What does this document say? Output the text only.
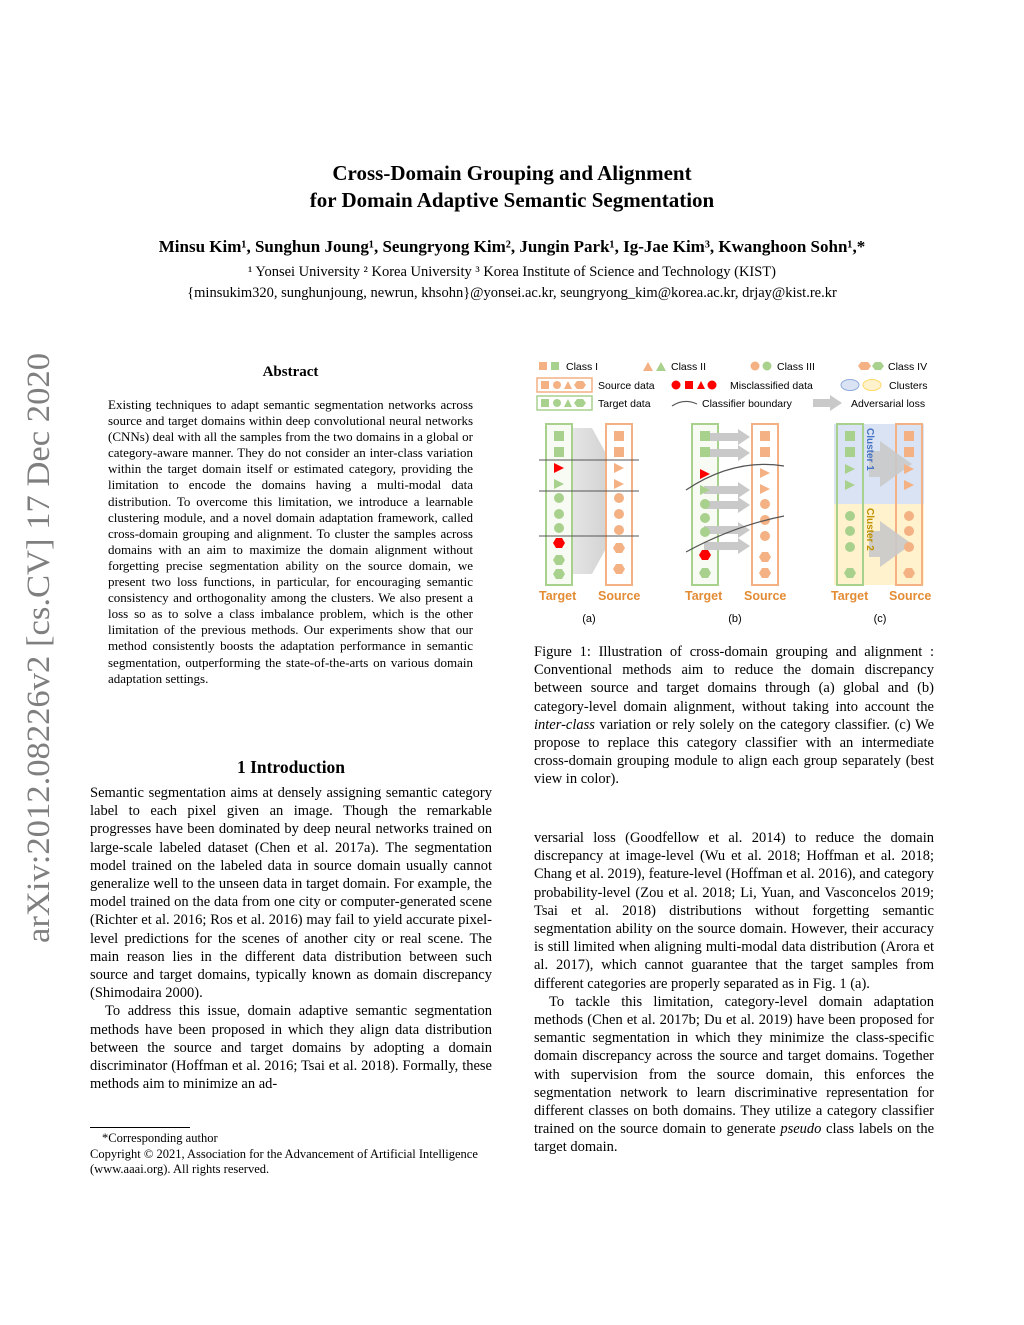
Cross-Domain Grouping and Alignment
for Domain Adaptive Semantic Segmentation
Minsu Kim¹, Sunghun Joung¹, Seungryong Kim², Jungin Park¹, Ig-Jae Kim³, Kwanghoon Sohn¹,*
¹ Yonsei University ² Korea University ³ Korea Institute of Science and Technology (KIST)
{minsukim320, sunghunjoung, newrun, khsohn}@yonsei.ac.kr, seungryong_kim@korea.ac.kr, drjay@kist.re.kr
arXiv:2012.08226v2 [cs.CV] 17 Dec 2020
Abstract
Existing techniques to adapt semantic segmentation networks across source and target domains within deep convolutional neural networks (CNNs) deal with all the samples from the two domains in a global or category-aware manner. They do not consider an inter-class variation within the target domain itself or estimated category, providing the limitation to encode the domains having a multi-modal data distribution. To overcome this limitation, we introduce a learnable clustering module, and a novel domain adaptation framework, called cross-domain grouping and alignment. To cluster the samples across domains with an aim to maximize the domain alignment without forgetting precise segmentation ability on the source domain, we present two loss functions, in particular, for encouraging semantic consistency and orthogonality among the clusters. We also present a loss so as to solve a class imbalance problem, which is the other limitation of the previous methods. Our experiments show that our method consistently boosts the adaptation performance in semantic segmentation, outperforming the state-of-the-arts on various domain adaptation settings.
1 Introduction

Semantic segmentation aims at densely assigning semantic category label to each pixel given an image. Though the remarkable progresses have been dominated by deep neural networks trained on large-scale labeled dataset (Chen et al. 2017a). The segmentation model trained on the labeled data in source domain usually cannot generalize well to the unseen data in target domain. For example, the model trained on the data from one city or computer-generated scene (Richter et al. 2016; Ros et al. 2016) may fail to yield accurate pixel-level predictions for the scenes of another city or real scene. The main reason lies in the different data distribution between such source and target domains, typically known as domain discrepancy (Shimodaira 2000).

To address this issue, domain adaptive semantic segmentation methods have been proposed in which they align data distribution between the source and target domains by adopting a domain discriminator (Hoffman et al. 2016; Tsai et al. 2018). Formally, these methods aim to minimize an ad-

*Corresponding author

Copyright © 2021, Association for the Advancement of Artificial Intelligence (www.aaai.org). All rights reserved.

Class I	Class II	Class III	Class IV
Source data	Misclassified data	Clusters
Target data	Classifier boundary	Adversarial loss
Target Source
(a)
Target Source
(b)
Cluster 1
Cluster 2
Target Source
(c)
Figure 1: Illustration of cross-domain grouping and alignment : Conventional methods aim to reduce the domain discrepancy between source and target domains through (a) global and (b) category-level domain alignment, without taking into account the inter-class variation or rely solely on the category classifier. (c) We propose to replace this category classifier with an intermediate cross-domain grouping module to align each group separately (best view in color).

versarial loss (Goodfellow et al. 2014) to reduce the domain discrepancy at image-level (Wu et al. 2018; Hoffman et al. 2018; Chang et al. 2019), feature-level (Hoffman et al. 2016), and category probability-level (Zou et al. 2018; Li, Yuan, and Vasconcelos 2019; Tsai et al. 2018) distributions without forgetting semantic segmentation ability on the source domain. However, their accuracy is still limited when aligning multi-modal data distribution (Arora et al. 2017), which cannot guarantee that the target samples from different categories are properly separated as in Fig. 1 (a).

To tackle this limitation, category-level domain adaptation methods (Chen et al. 2017b; Du et al. 2019) have been proposed for semantic segmentation in which they minimize the class-specific domain discrepancy across the source and target domains. Together with supervision from the source domain, this enforces the segmentation network to learn discriminative representation for different classes on both domains. They utilize a category classifier trained on the source domain to generate pseudo class labels on the target domain.
